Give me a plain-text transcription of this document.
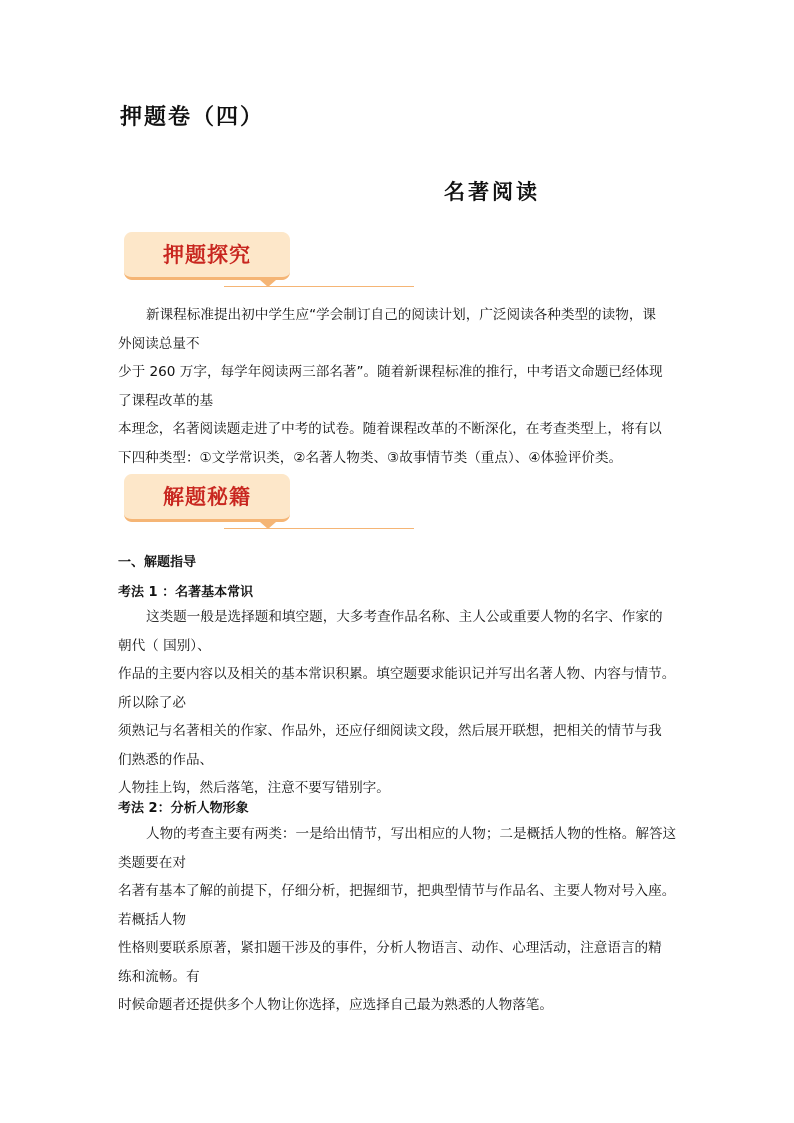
押题卷（四）
名著阅读
押题探究

新课程标准提出初中学生应“学会制订自己的阅读计划，广泛阅读各种类型的读物，课

外阅读总量不

少于 260 万字，每学年阅读两三部名著”。随着新课程标准的推行，中考语文命题已经体现

了课程改革的基

本理念，名著阅读题走进了中考的试卷。随着课程改革的不断深化，在考查类型上，将有以

下四种类型：①文学常识类，②名著人物类、③故事情节类（重点）、④体验评价类。

解题秘籍
一、解题指导
考法 1 ：名著基本常识

这类题一般是选择题和填空题，大多考查作品名称、主人公或重要人物的名字、作家的

朝代（ 国别）、

作品的主要内容以及相关的基本常识积累。填空题要求能识记并写出名著人物、内容与情节。

所以除了必

须熟记与名著相关的作家、作品外，还应仔细阅读文段，然后展开联想，把相关的情节与我

们熟悉的作品、

人物挂上钩，然后落笔，注意不要写错别字。

考法 2：分析人物形象

人物的考查主要有两类：一是给出情节，写出相应的人物；二是概括人物的性格。解答这

类题要在对

名著有基本了解的前提下，仔细分析，把握细节，把典型情节与作品名、主要人物对号入座。

若概括人物

性格则要联系原著，紧扣题干涉及的事件，分析人物语言、动作、心理活动，注意语言的精

练和流畅。有

时候命题者还提供多个人物让你选择，应选择自己最为熟悉的人物落笔。
